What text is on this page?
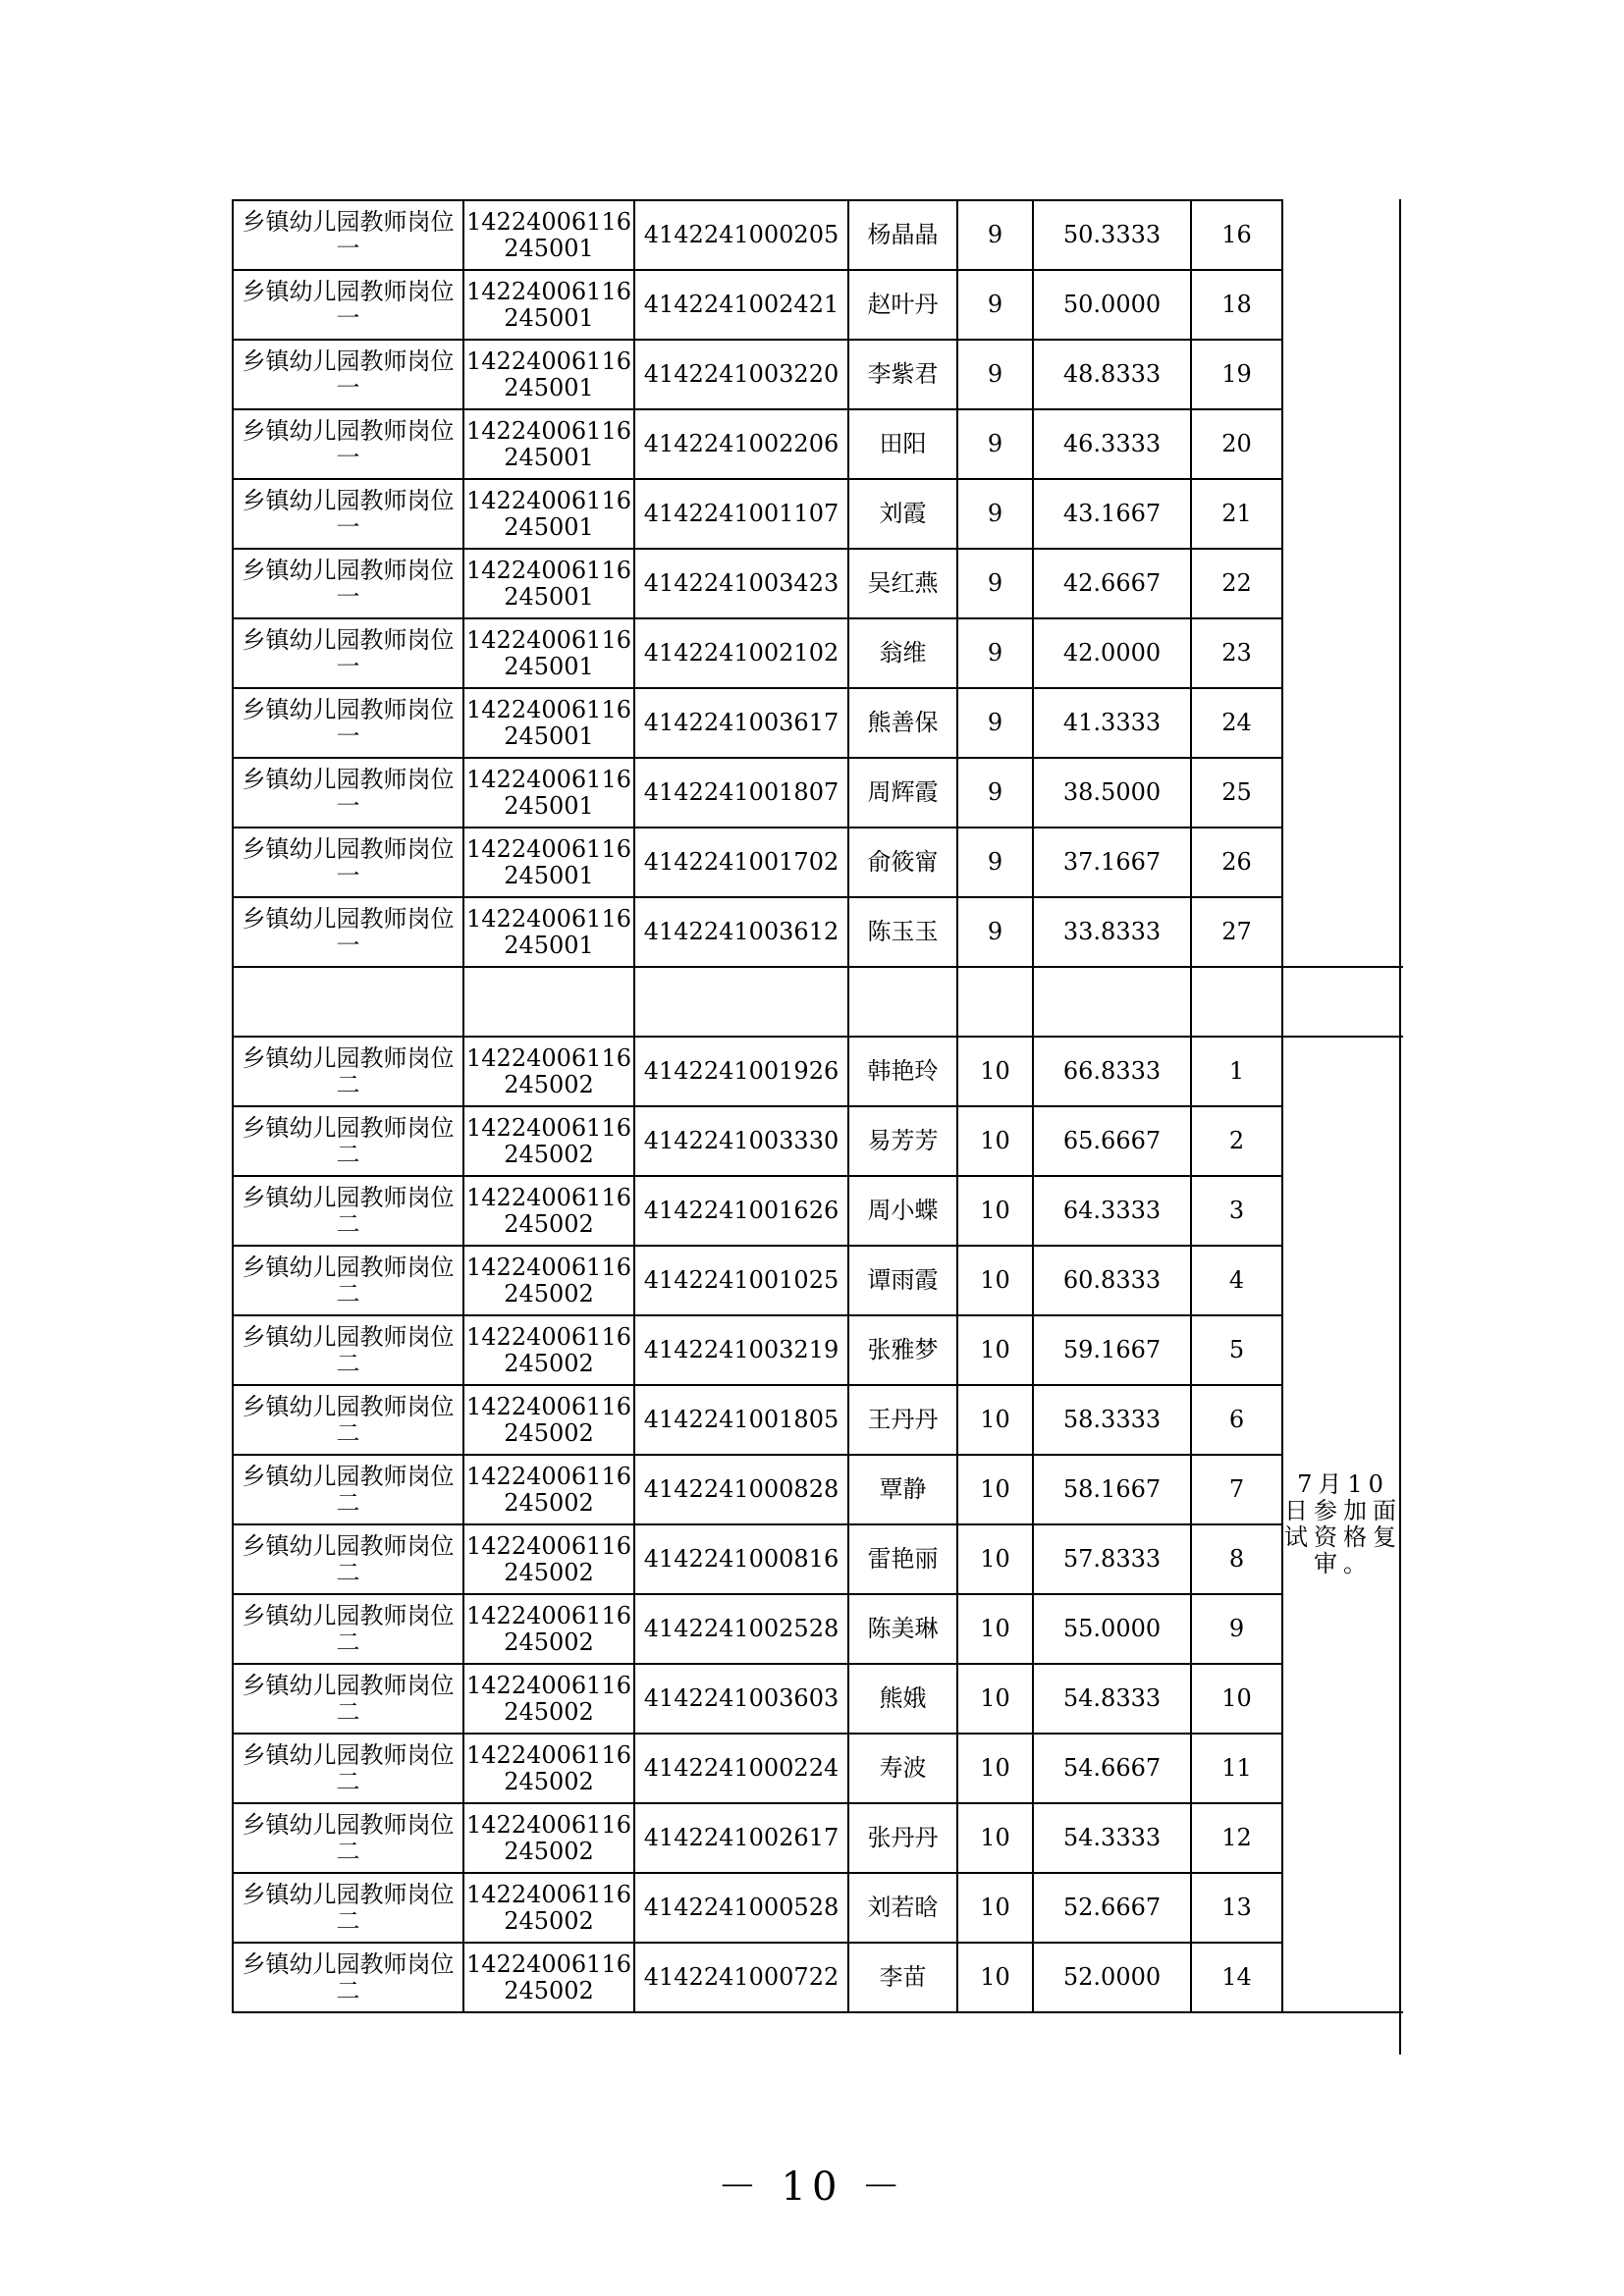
乡镇幼儿园教师岗位一	14224006116245001	4142241000205	杨晶晶	9	50.3333	16	
乡镇幼儿园教师岗位一	14224006116245001	4142241002421	赵叶丹	9	50.0000	18	
乡镇幼儿园教师岗位一	14224006116245001	4142241003220	李紫君	9	48.8333	19	
乡镇幼儿园教师岗位一	14224006116245001	4142241002206	田阳	9	46.3333	20	
乡镇幼儿园教师岗位一	14224006116245001	4142241001107	刘霞	9	43.1667	21	
乡镇幼儿园教师岗位一	14224006116245001	4142241003423	吴红燕	9	42.6667	22	
乡镇幼儿园教师岗位一	14224006116245001	4142241002102	翁维	9	42.0000	23	
乡镇幼儿园教师岗位一	14224006116245001	4142241003617	熊善保	9	41.3333	24	
乡镇幼儿园教师岗位一	14224006116245001	4142241001807	周辉霞	9	38.5000	25	
乡镇幼儿园教师岗位一	14224006116245001	4142241001702	俞筱甯	9	37.1667	26	
乡镇幼儿园教师岗位一	14224006116245001	4142241003612	陈玉玉	9	33.8333	27	

乡镇幼儿园教师岗位二	14224006116245002	4142241001926	韩艳玲	10	66.8333	1	7月10日参加面试资格复审。
乡镇幼儿园教师岗位二	14224006116245002	4142241003330	易芳芳	10	65.6667	2	
乡镇幼儿园教师岗位二	14224006116245002	4142241001626	周小蝶	10	64.3333	3	
乡镇幼儿园教师岗位二	14224006116245002	4142241001025	谭雨霞	10	60.8333	4	
乡镇幼儿园教师岗位二	14224006116245002	4142241003219	张雅梦	10	59.1667	5	
乡镇幼儿园教师岗位二	14224006116245002	4142241001805	王丹丹	10	58.3333	6	
乡镇幼儿园教师岗位二	14224006116245002	4142241000828	覃静	10	58.1667	7	
乡镇幼儿园教师岗位二	14224006116245002	4142241000816	雷艳丽	10	57.8333	8	
乡镇幼儿园教师岗位二	14224006116245002	4142241002528	陈美琳	10	55.0000	9	
乡镇幼儿园教师岗位二	14224006116245002	4142241003603	熊娥	10	54.8333	10	
乡镇幼儿园教师岗位二	14224006116245002	4142241000224	寿波	10	54.6667	11	
乡镇幼儿园教师岗位二	14224006116245002	4142241002617	张丹丹	10	54.3333	12	
乡镇幼儿园教师岗位二	14224006116245002	4142241000528	刘若晗	10	52.6667	13	
乡镇幼儿园教师岗位二	14224006116245002	4142241000722	李苗	10	52.0000	14	
－ 10 －
